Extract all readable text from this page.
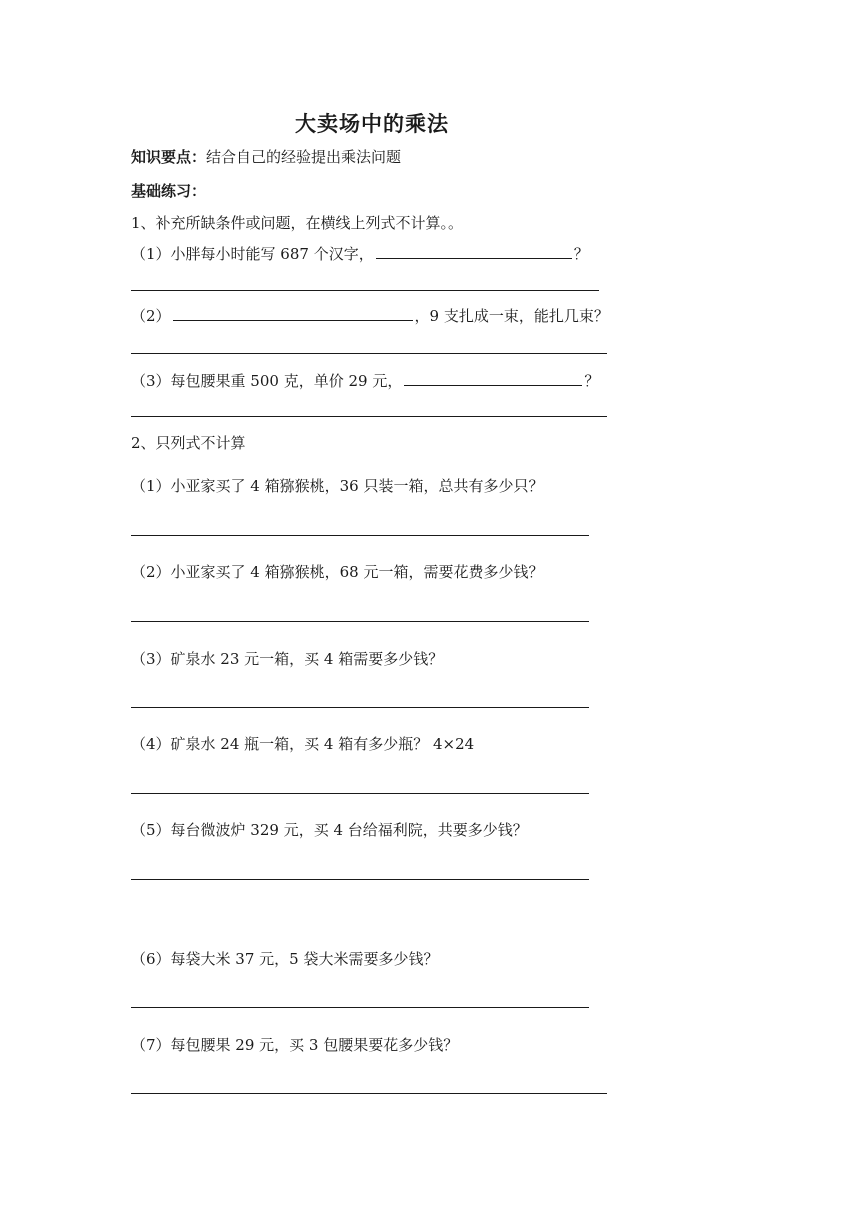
大卖场中的乘法
知识要点：结合自己的经验提出乘法问题
基础练习：
1、补充所缺条件或问题，在横线上列式不计算。。
（1）小胖每小时能写 687 个汉字，	？
（2）	，9 支扎成一束，能扎几束？
（3）每包腰果重 500 克，单价 29 元，	？
2、只列式不计算
（1）小亚家买了 4 箱猕猴桃，36 只装一箱，总共有多少只？
（2）小亚家买了 4 箱猕猴桃，68 元一箱，需要花费多少钱？
（3）矿泉水 23 元一箱，买 4 箱需要多少钱？
（4）矿泉水 24 瓶一箱，买 4 箱有多少瓶？ 4×24
（5）每台微波炉 329 元，买 4 台给福利院，共要多少钱？
（6）每袋大米 37 元，5 袋大米需要多少钱？
（7）每包腰果 29 元，买 3 包腰果要花多少钱？
